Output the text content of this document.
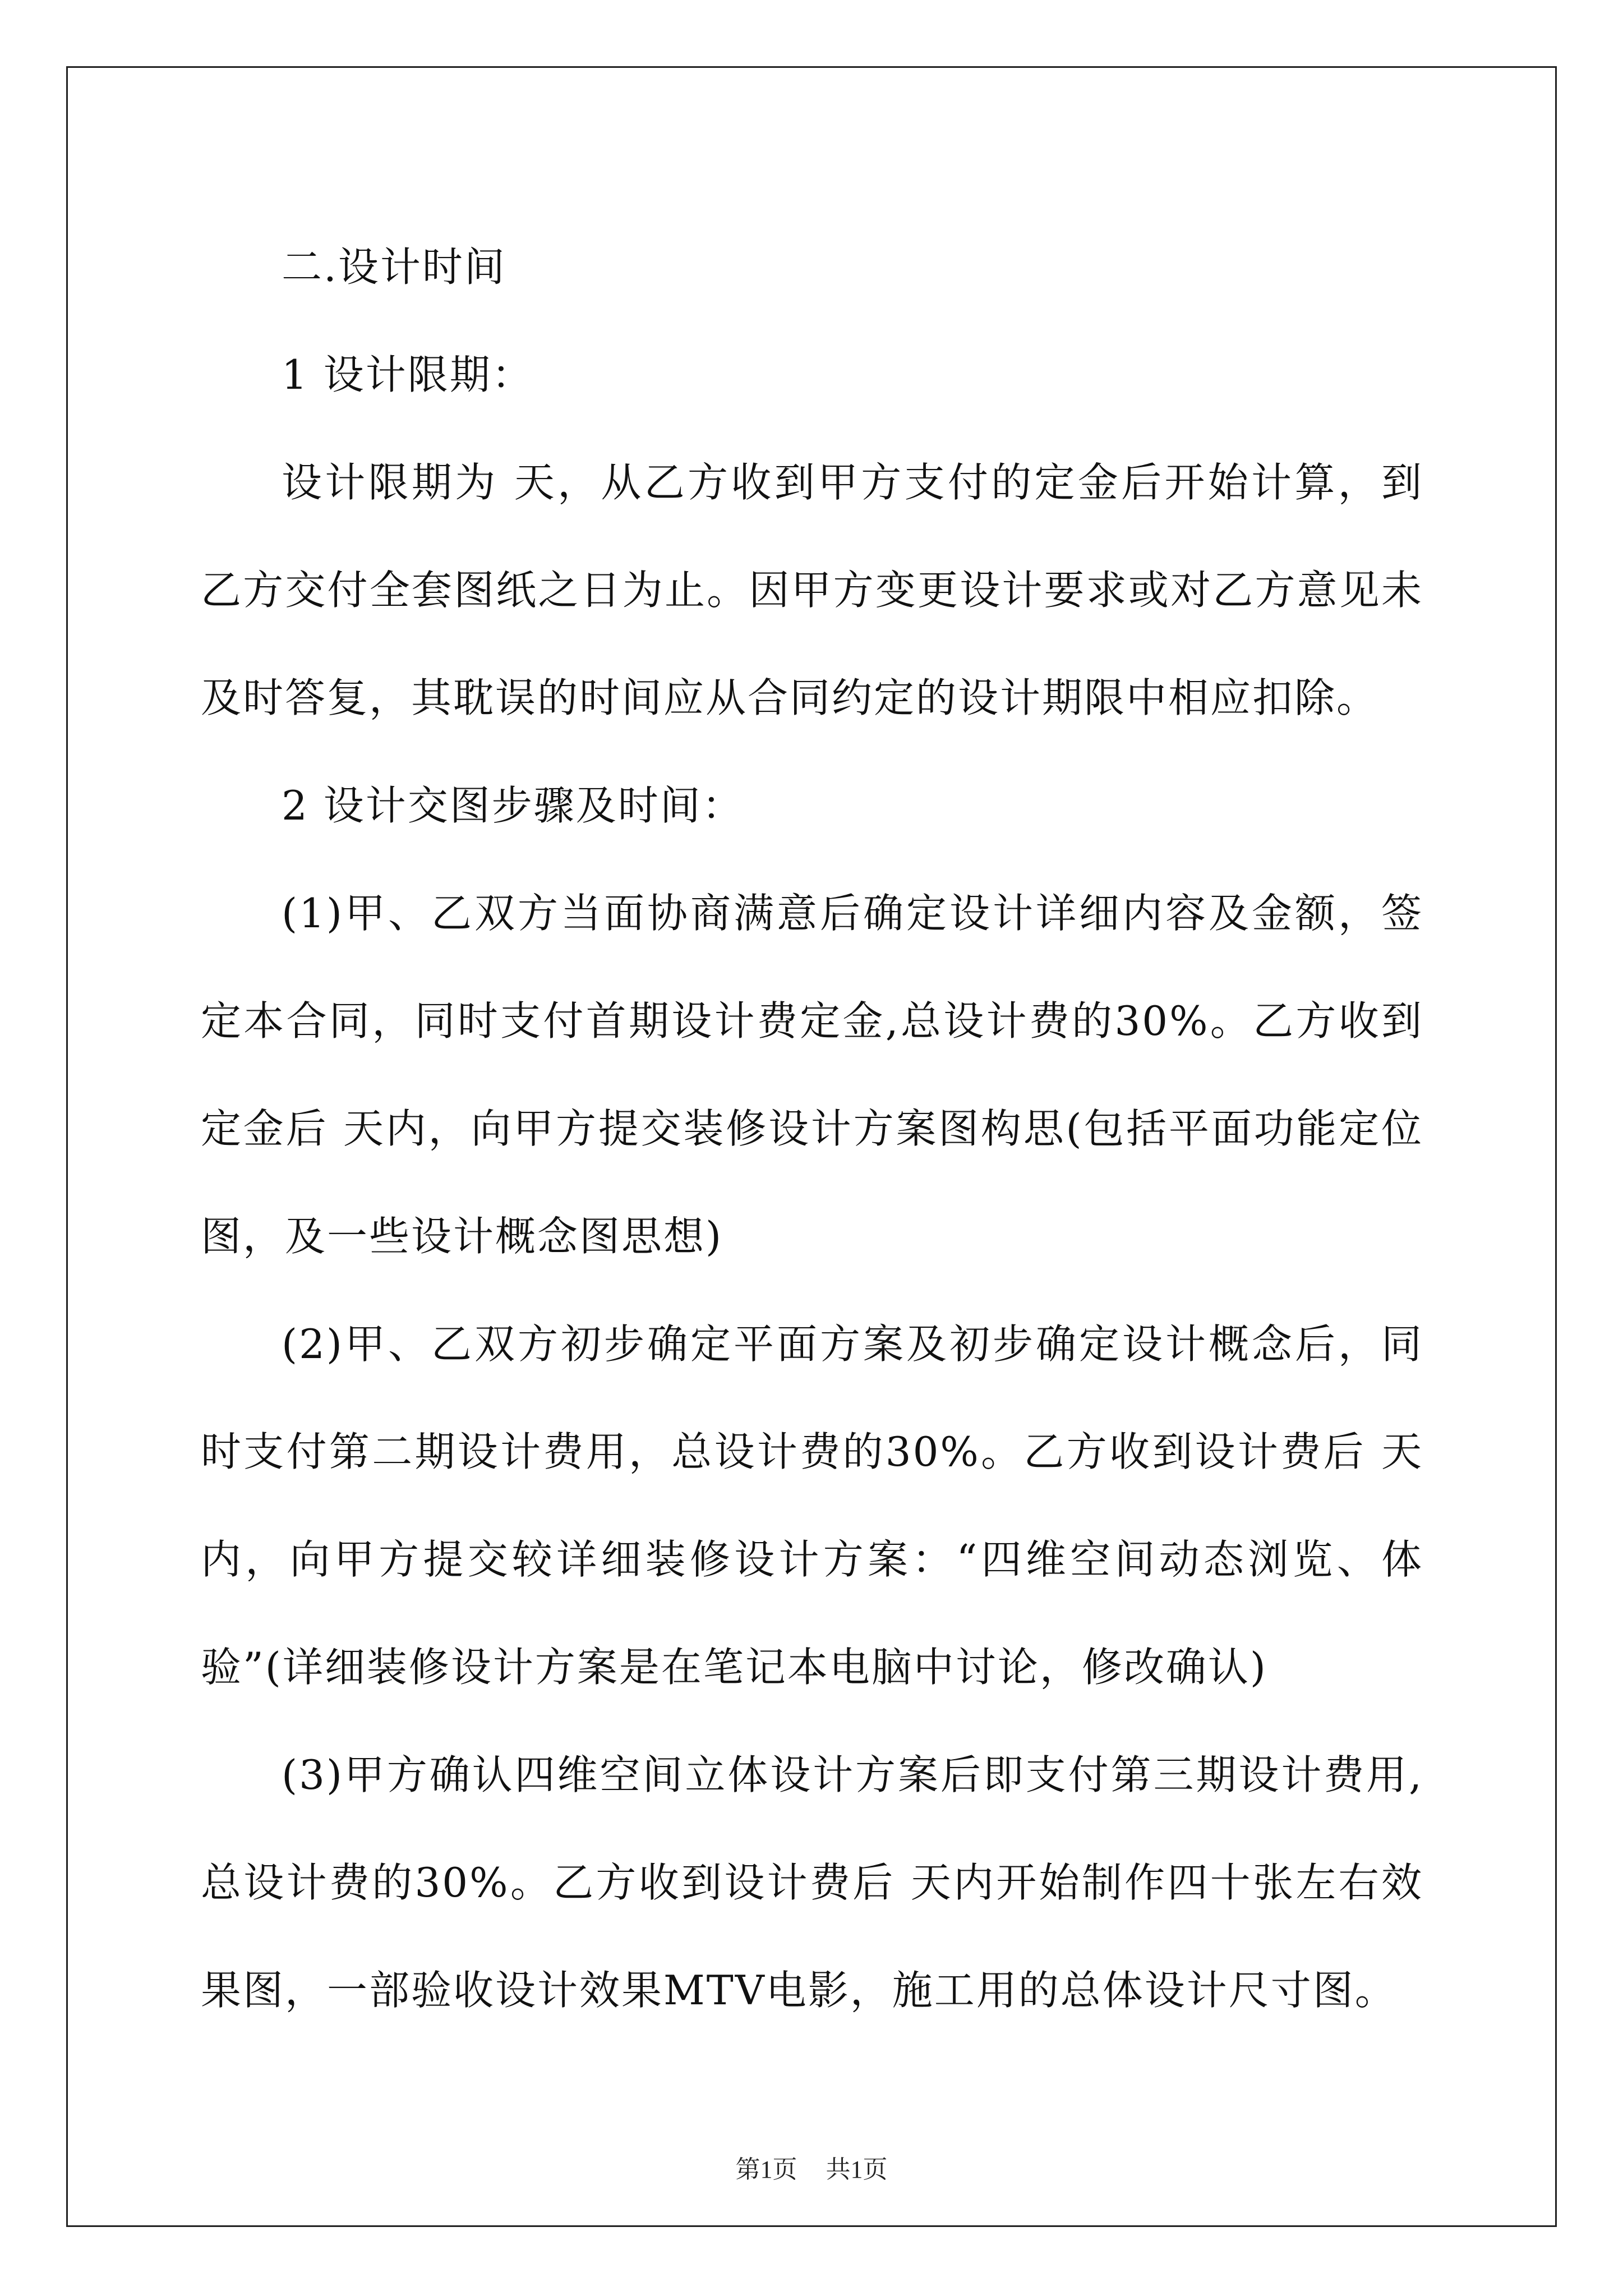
二.设计时间

1 设计限期：

设计限期为 天，从乙方收到甲方支付的定金后开始计算，到乙方交付全套图纸之日为止。因甲方变更设计要求或对乙方意见未及时答复，其耽误的时间应从合同约定的设计期限中相应扣除。

2 设计交图步骤及时间：

(1)甲、乙双方当面协商满意后确定设计详细内容及金额，签定本合同，同时支付首期设计费定金,总设计费的30%。乙方收到定金后 天内，向甲方提交装修设计方案图构思(包括平面功能定位图，及一些设计概念图思想)

(2)甲、乙双方初步确定平面方案及初步确定设计概念后，同时支付第二期设计费用，总设计费的30%。乙方收到设计费后 天内，向甲方提交较详细装修设计方案：“四维空间动态浏览、体验”(详细装修设计方案是在笔记本电脑中讨论，修改确认)

(3)甲方确认四维空间立体设计方案后即支付第三期设计费用,总设计费的30%。乙方收到设计费后 天内开始制作四十张左右效果图，一部验收设计效果MTV电影，施工用的总体设计尺寸图。

第1页 共1页
